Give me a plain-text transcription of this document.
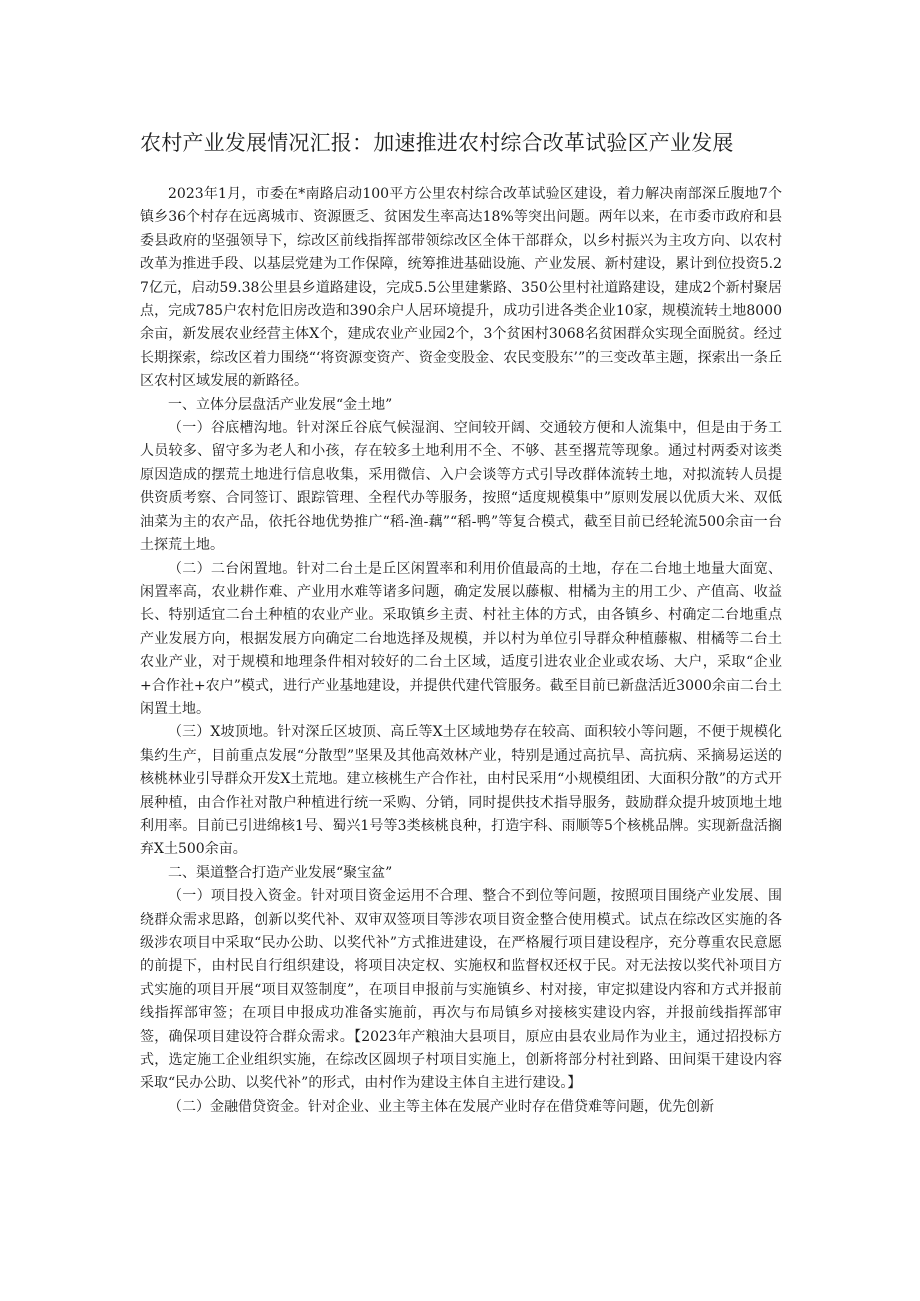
农村产业发展情况汇报：加速推进农村综合改革试验区产业发展

2023年1月，市委在*南路启动100平方公里农村综合改革试验区建设，着力解决南部深丘腹地7个镇乡36个村存在远离城市、资源匮乏、贫困发生率高达18%等突出问题。两年以来，在市委市政府和县委县政府的坚强领导下，综改区前线指挥部带领综改区全体干部群众，以乡村振兴为主攻方向、以农村改革为推进手段、以基层党建为工作保障，统筹推进基础设施、产业发展、新村建设，累计到位投资5.27亿元，启动59.38公里县乡道路建设，完成5.5公里建紫路、350公里村社道路建设，建成2个新村聚居点，完成785户农村危旧房改造和390余户人居环境提升，成功引进各类企业10家，规模流转土地8000余亩，新发展农业经营主体X个，建成农业产业园2个，3个贫困村3068名贫困群众实现全面脱贫。经过长期探索，综改区着力围绕“‘将资源变资产、资金变股金、农民变股东’”的三变改革主题，探索出一条丘区农村区域发展的新路径。

一、立体分层盘活产业发展“金土地”

（一）谷底槽沟地。针对深丘谷底气候湿润、空间较开阔、交通较方便和人流集中，但是由于务工人员较多、留守多为老人和小孩，存在较多土地利用不全、不够、甚至撂荒等现象。通过村两委对该类原因造成的摆荒土地进行信息收集，采用微信、入户会谈等方式引导改群体流转土地，对拟流转人员提供资质考察、合同签订、跟踪管理、全程代办等服务，按照“适度规模集中”原则发展以优质大米、双低油菜为主的农产品，依托谷地优势推广“稻-渔-藕”“稻-鸭”等复合模式，截至目前已经轮流500余亩一台土探荒土地。

（二）二台闲置地。针对二台土是丘区闲置率和利用价值最高的土地，存在二台地土地量大面宽、闲置率高，农业耕作难、产业用水难等诸多问题，确定发展以藤椒、柑橘为主的用工少、产值高、收益长、特别适宜二台土种植的农业产业。采取镇乡主责、村社主体的方式，由各镇乡、村确定二台地重点产业发展方向，根据发展方向确定二台地选择及规模，并以村为单位引导群众种植藤椒、柑橘等二台土农业产业，对于规模和地理条件相对较好的二台土区域，适度引进农业企业或农场、大户，采取“企业+合作社+农户”模式，进行产业基地建设，并提供代建代管服务。截至目前已新盘活近3000余亩二台土闲置土地。

（三）X坡顶地。针对深丘区坡顶、高丘等X土区域地势存在较高、面积较小等问题，不便于规模化集约生产，目前重点发展“分散型”坚果及其他高效林产业，特别是通过高抗旱、高抗病、采摘易运送的核桃林业引导群众开发X土荒地。建立核桃生产合作社，由村民采用“小规模组团、大面积分散”的方式开展种植，由合作社对散户种植进行统一采购、分销，同时提供技术指导服务，鼓励群众提升坡顶地土地利用率。目前已引进绵核1号、蜀兴1号等3类核桃良种，打造宇科、雨顺等5个核桃品牌。实现新盘活搁弃X土500余亩。

二、渠道整合打造产业发展“聚宝盆”

（一）项目投入资金。针对项目资金运用不合理、整合不到位等问题，按照项目围绕产业发展、围绕群众需求思路，创新以奖代补、双审双签项目等涉农项目资金整合使用模式。试点在综改区实施的各级涉农项目中采取“民办公助、以奖代补”方式推进建设，在严格履行项目建设程序，充分尊重农民意愿的前提下，由村民自行组织建设，将项目决定权、实施权和监督权还权于民。对无法按以奖代补项目方式实施的项目开展“项目双签制度”，在项目申报前与实施镇乡、村对接，审定拟建设内容和方式并报前线指挥部审签；在项目申报成功准备实施前，再次与布局镇乡对接核实建设内容，并报前线指挥部审签，确保项目建设符合群众需求。【2023年产粮油大县项目，原应由县农业局作为业主，通过招投标方式，选定施工企业组织实施，在综改区圆坝子村项目实施上，创新将部分村社到路、田间渠干建设内容采取“民办公助、以奖代补”的形式，由村作为建设主体自主进行建设。】

（二）金融借贷资金。针对企业、业主等主体在发展产业时存在借贷难等问题，优先创新
